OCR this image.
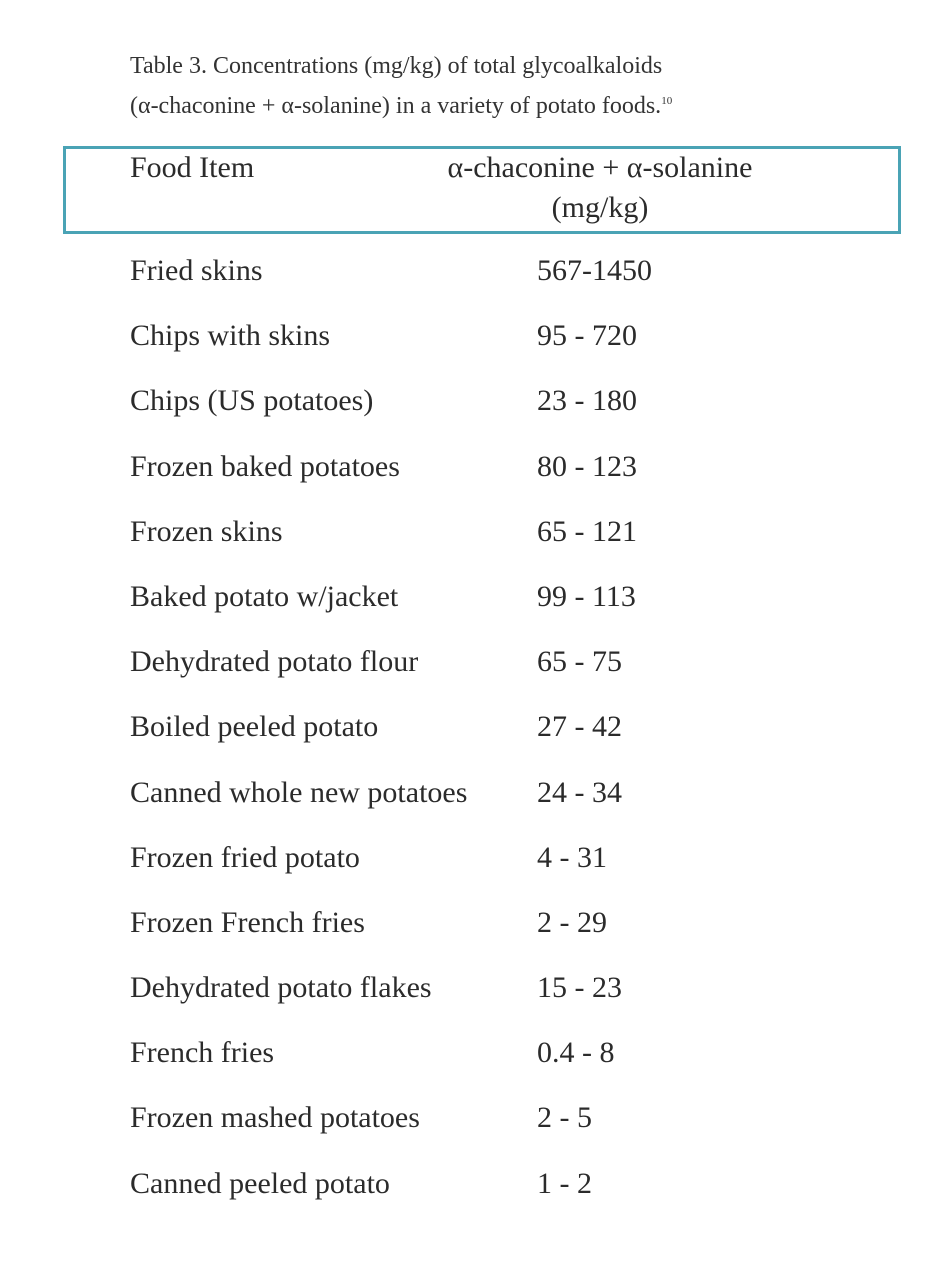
Table 3. Concentrations (mg/kg) of total glycoalkaloids
(α-chaconine + α-solanine) in a variety of potato foods.$^{10}$
Food Item	α-chaconine + α-solanine
(mg/kg)
Fried skins	567-1450
Chips with skins	95 - 720
Chips (US potatoes)	23 - 180
Frozen baked potatoes	80 - 123
Frozen skins	65 - 121
Baked potato w/jacket	99 - 113
Dehydrated potato flour	65 - 75
Boiled peeled potato	27 - 42
Canned whole new potatoes 24 - 34
Frozen fried potato	4 - 31
Frozen French fries	2 - 29
Dehydrated potato flakes	15 - 23
French fries	0.4 - 8
Frozen mashed potatoes	2 - 5
Canned peeled potato	1 - 2
